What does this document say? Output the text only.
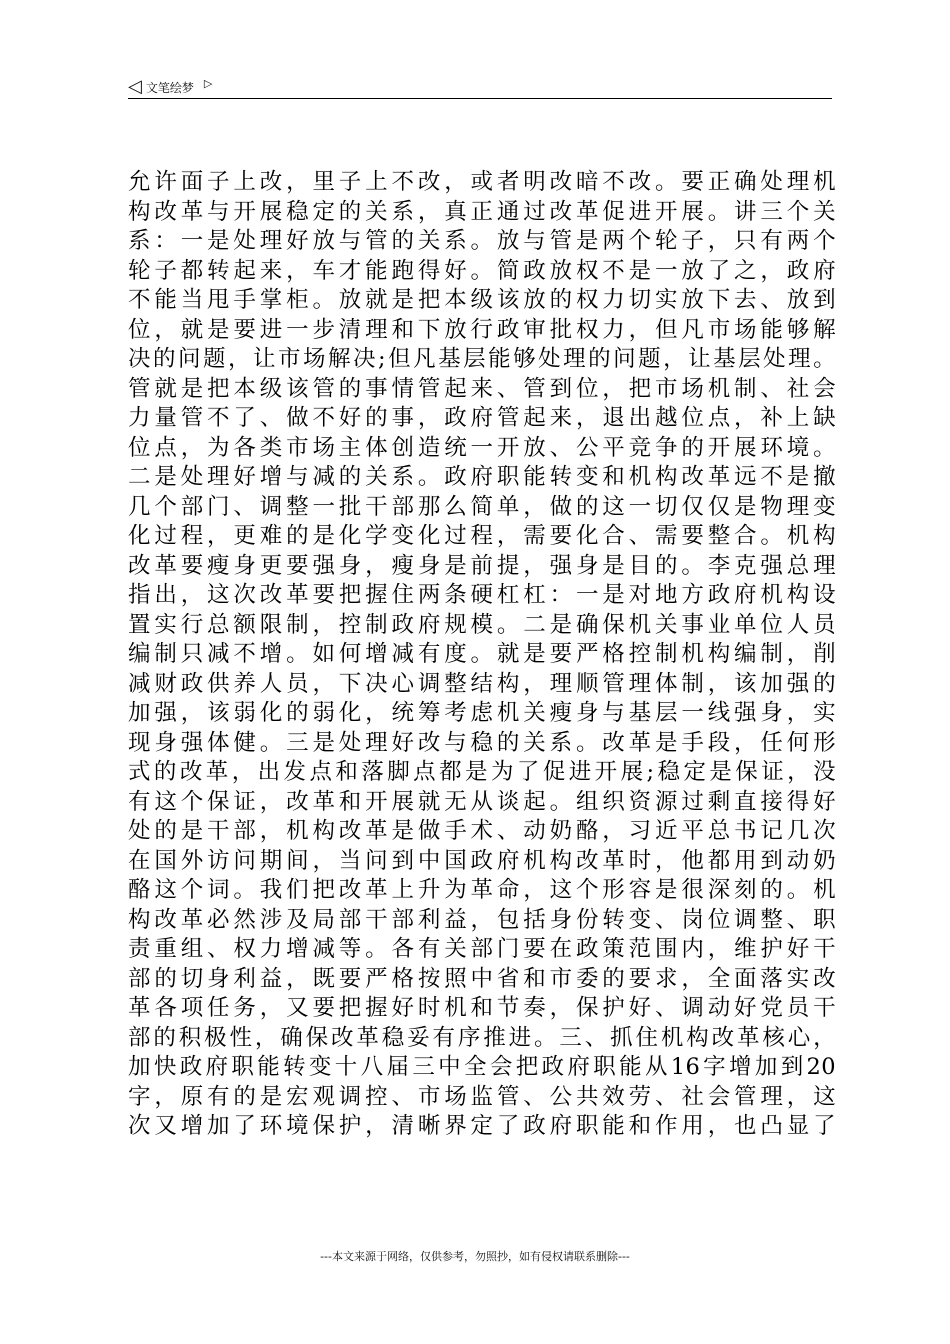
◁ 文笔绘梦 ▷
允许面子上改，里子上不改，或者明改暗不改。要正确处理机
构改革与开展稳定的关系，真正通过改革促进开展。讲三个关
系：一是处理好放与管的关系。放与管是两个轮子，只有两个
轮子都转起来，车才能跑得好。简政放权不是一放了之，政府
不能当甩手掌柜。放就是把本级该放的权力切实放下去、放到
位，就是要进一步清理和下放行政审批权力，但凡市场能够解
决的问题，让市场解决;但凡基层能够处理的问题，让基层处理。
管就是把本级该管的事情管起来、管到位，把市场机制、社会
力量管不了、做不好的事，政府管起来，退出越位点，补上缺
位点，为各类市场主体创造统一开放、公平竞争的开展环境。
二是处理好增与减的关系。政府职能转变和机构改革远不是撤
几个部门、调整一批干部那么简单，做的这一切仅仅是物理变
化过程，更难的是化学变化过程，需要化合、需要整合。机构
改革要瘦身更要强身，瘦身是前提，强身是目的。李克强总理
指出，这次改革要把握住两条硬杠杠：一是对地方政府机构设
置实行总额限制，控制政府规模。二是确保机关事业单位人员
编制只减不增。如何增减有度。就是要严格控制机构编制，削
减财政供养人员，下决心调整结构，理顺管理体制，该加强的
加强，该弱化的弱化，统筹考虑机关瘦身与基层一线强身，实
现身强体健。三是处理好改与稳的关系。改革是手段，任何形
式的改革，出发点和落脚点都是为了促进开展;稳定是保证，没
有这个保证，改革和开展就无从谈起。组织资源过剩直接得好
处的是干部，机构改革是做手术、动奶酪，习近平总书记几次
在国外访问期间，当问到中国政府机构改革时，他都用到动奶
酪这个词。我们把改革上升为革命，这个形容是很深刻的。机
构改革必然涉及局部干部利益，包括身份转变、岗位调整、职
责重组、权力增减等。各有关部门要在政策范围内，维护好干
部的切身利益，既要严格按照中省和市委的要求，全面落实改
革各项任务，又要把握好时机和节奏，保护好、调动好党员干
部的积极性，确保改革稳妥有序推进。三、抓住机构改革核心，
加快政府职能转变十八届三中全会把政府职能从16字增加到20
字，原有的是宏观调控、市场监管、公共效劳、社会管理，这
次又增加了环境保护，清晰界定了政府职能和作用，也凸显了
---本文来源于网络，仅供参考，勿照抄，如有侵权请联系删除---
